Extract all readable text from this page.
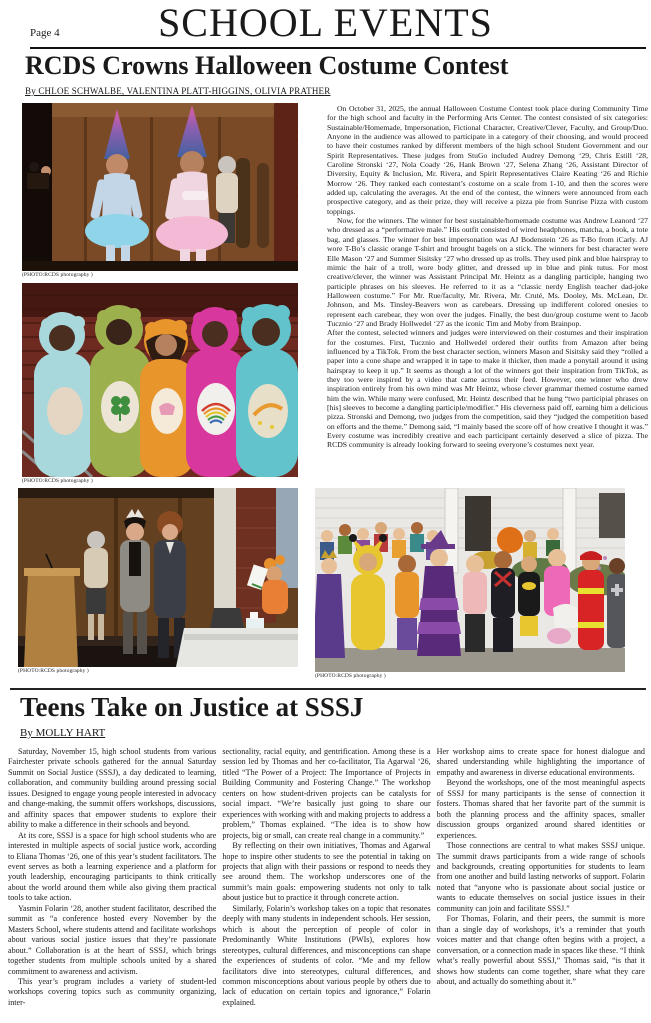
Page 4	SCHOOL EVENTS
RCDS Crowns Halloween Costume Contest
By CHLOE SCHWALBE, VALENTINA PLATT-HIGGINS, OLIVIA PRATHER
(PHOTO:RCDS photography )
(PHOTO:RCDS photography )
(PHOTO:RCDS photography )
(PHOTO:RCDS photography )

On October 31, 2025, the annual Halloween Costume Contest took place during Community Time for the high school and faculty in the Performing Arts Center. The contest consisted of six categories: Sustainable/Homemade, Impersonation, Fictional Character, Creative/Clever, Faculty, and Group/Duo. Anyone in the audience was allowed to participate in a category of their choosing, and would proceed to have their costumes ranked by different members of the high school Student Government and our Spirit Representatives. These judges from StuGo included Audrey Demong ‘29, Chris Estill ‘28, Caroline Stronski ‘27, Nola Coady ‘26, Hank Brown ‘27, Selena Zhang ‘26, Assistant Director of Diversity, Equity & Inclusion, Mr. Rivera, and Spirit Representatives Claire Keating ‘26 and Richie Morrow ‘26. They ranked each contestant’s costume on a scale from 1-10, and then the scores were added up, calculating the averages. At the end of the contest, the winners were announced from each prospective category, and as their prize, they will receive a pizza pie from Sunrise Pizza with custom toppings.

Now, for the winners. The winner for best sustainable/homemade costume was Andrew Leanord ‘27 who dressed as a “performative male.” His outfit consisted of wired headphones, matcha, a book, a tote bag, and glasses. The winner for best impersonation was AJ Bodenstein ‘26 as T-Bo from iCarly. AJ wore T-Bo’s classic orange T-shirt and brought bagels on a stick. The winners for best character were Elle Mason ‘27 and Summer Sisitsky ‘27 who dressed up as trolls. They used pink and blue hairspray to mimic the hair of a troll, wore body glitter, and dressed up in blue and pink tutus. For most creative/clever, the winner was Assistant Principal Mr. Heintz as a dangling participle, hanging two participle phrases on his sleeves. He referred to it as a “classic nerdy English teacher dad-joke Halloween costume.” For Mr. Rue/faculty, Mr. Rivera, Mr. Cruté, Ms. Dooley, Ms. McLean, Dr. Johnson, and Ms. Tinsley-Beavers won as carebears. Dressing up indifferent colored onesies to represent each carebear, they won over the judges. Finally, the best duo/group costume went to Jacob Tucznio ‘27 and Brady Hollwedel ‘27 as the iconic Tim and Moby from Brainpop.

After the contest, selected winners and judges were interviewed on their costumes and their inspiration for the costumes. First, Tucznio and Hollwedel ordered their outfits from Amazon after being influenced by a TikTok. From the best character section, winners Mason and Sisitsky said they “rolled a paper into a cone shape and wrapped it in tape to make it thicker, then made a ponytail around it using hairspray to keep it up.” It seems as though a lot of the winners got their inspiration from TikTok, as they too were inspired by a video that came across their feed. However, one winner who drew inspiration entirely from his own mind was Mr Heintz, whose clever grammar themed costume earned him the win. While many were confused, Mr. Heintz described that he hung “two participial phrases on [his] sleeves to become a dangling participle/modifier.” His cleverness paid off, earning him a delicious pizza. Stronski and Demong, two judges from the competition, said they “judged the competition based on efforts and the theme.” Demong said, “I mainly based the score off of how creative I thought it was.” Every costume was incredibly creative and each participant certainly deserved a slice of pizza. The RCDS community is already looking forward to seeing everyone’s costumes next year.

Teens Take on Justice at SSSJ
By MOLLY HART

Saturday, November 15, high school students from various Fairchester private schools gathered for the annual Saturday Summit on Social Justice (SSSJ), a day dedicated to learning, collaboration, and community building around pressing social issues. Designed to engage young people interested in advocacy and change-making, the summit offers workshops, discussions, and affinity spaces that empower students to explore their ability to make a difference in their schools and beyond.

At its core, SSSJ is a space for high school students who are interested in multiple aspects of social justice work, according to Eliana Thomas ‘26, one of this year’s student facilitators. The event serves as both a learning experience and a platform for youth leadership, encouraging participants to think critically about the world around them while also giving them practical tools to take action.

Yasmin Folarin ‘28, another student facilitator, described the summit as “a conference hosted every November by the Masters School, where students attend and facilitate workshops about various social justice issues that they’re passionate about.” Collaboration is at the heart of SSSJ, which brings together students from multiple schools united by a shared commitment to awareness and activism.

This year’s program includes a variety of student-led workshops covering topics such as community organizing, inter-

sectionality, racial equity, and gentrification. Among these is a session led by Thomas and her co-facilitator, Tia Agarwal ‘26, titled “The Power of a Project: The Importance of Projects in Building Community and Fostering Change.” The workshop centers on how student-driven projects can be catalysts for social impact. “We’re basically just going to share our experiences with working with and making projects to address a problem,” Thomas explained. “The idea is to show how projects, big or small, can create real change in a community.”

By reflecting on their own initiatives, Thomas and Agarwal hope to inspire other students to see the potential in taking on projects that align with their passions or respond to needs they see around them. The workshop underscores one of the summit’s main goals: empowering students not only to talk about justice but to practice it through concrete action.

Similarly, Folarin’s workshop takes on a topic that resonates deeply with many students in independent schools. Her session, which is about the perception of people of color in Predominantly White Institutions (PWIs), explores how stereotypes, cultural differences, and misconceptions can shape the experiences of students of color. “Me and my fellow facilitators dive into stereotypes, cultural differences, and common misconceptions about various people by others due to lack of education on certain topics and ignorance,” Folarin explained.

Her workshop aims to create space for honest dialogue and shared understanding while highlighting the importance of empathy and awareness in diverse educational environments.

Beyond the workshops, one of the most meaningful aspects of SSSJ for many participants is the sense of connection it fosters. Thomas shared that her favorite part of the summit is both the planning process and the affinity spaces, smaller discussion groups organized around shared identities or experiences.

Those connections are central to what makes SSSJ unique. The summit draws participants from a wide range of schools and backgrounds, creating opportunities for students to learn from one another and build lasting networks of support. Folarin noted that “anyone who is passionate about social justice or wants to educate themselves on social justice issues in their community can join and facilitate SSSJ.”

For Thomas, Folarin, and their peers, the summit is more than a single day of workshops, it’s a reminder that youth voices matter and that change often begins with a project, a conversation, or a connection made in spaces like these. “I think what’s really powerful about SSSJ,” Thomas said, “is that it shows how students can come together, share what they care about, and actually do something about it.”
